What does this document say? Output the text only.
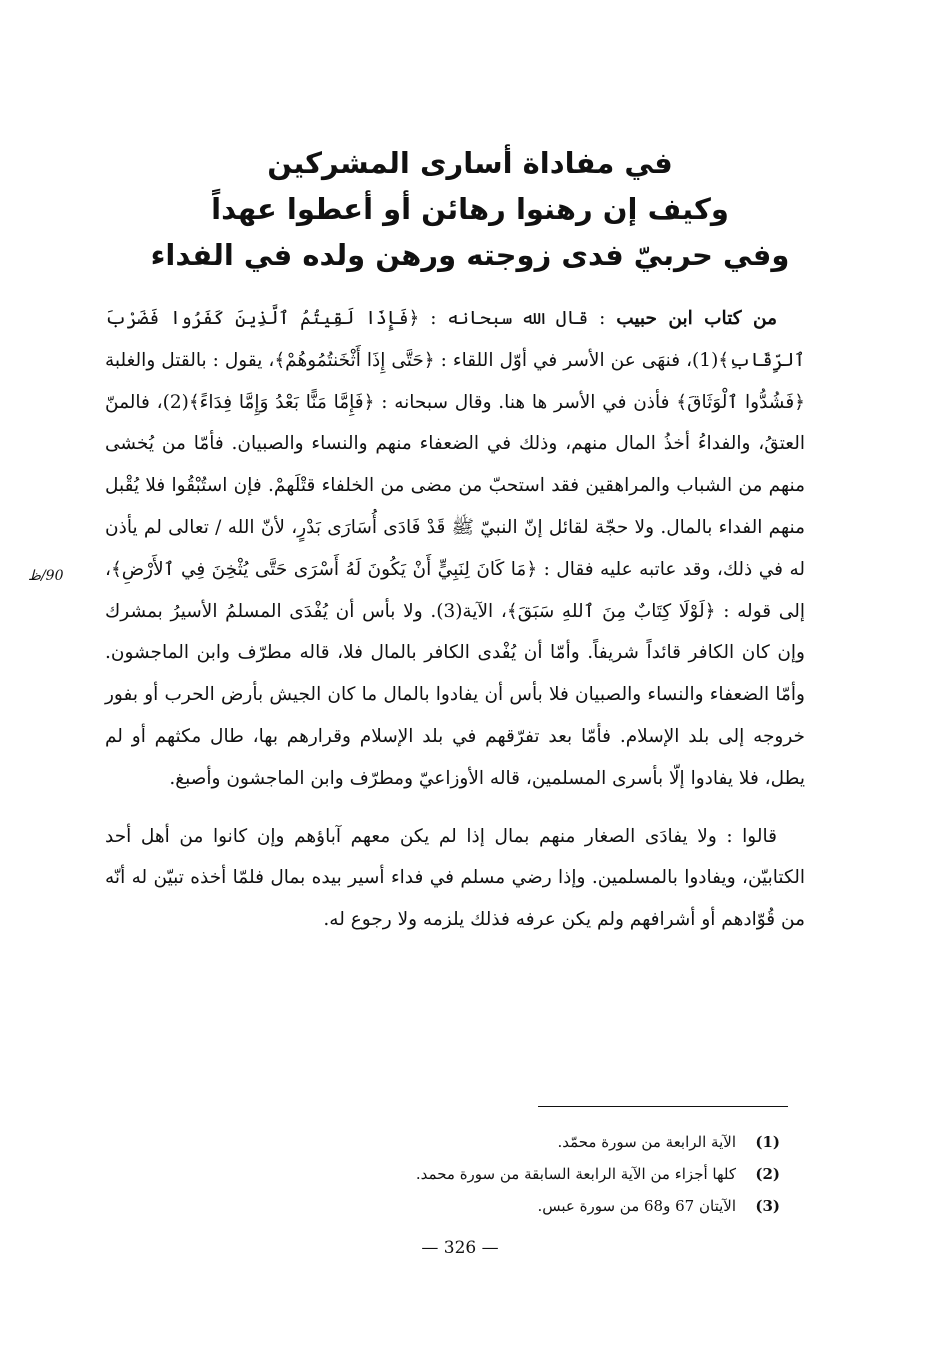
في مفاداة أسارى المشركين

وكيف إن رهنوا رهائن أو أعطوا عهداً

وفي حربيّ فدى زوجته ورهن ولده في الفداء

من كتاب ابن حبيب : قال الله سبحانه : ﴿فَإِذَا لَقِيتُمُ ٱلَّذِينَ كَفَرُوا فَضَرْبَ ٱلرِّقَابِ﴾(1)، فنهَى عن الأسر في أوّل اللقاء : ﴿حَتَّى إِذَا أَثْخَنتُمُوهُمْ﴾، يقول : بالقتل والغلبة ﴿فَشُدُّوا ٱلْوَثَاقَ﴾ فأذن في الأسر ها هنا. وقال سبحانه : ﴿فَإِمَّا مَنًّا بَعْدُ وَإِمَّا فِدَاءً﴾(2)، فالمنّ العتقُ، والفداءُ أخذُ المال منهم، وذلك في الضعفاء منهم والنساء والصبيان. فأمّا من يُخشى منهم من الشباب والمراهقين فقد استحبّ من مضى من الخلفاء قتْلَهمْ. فإن استُبْقُوا فلا يُقْبل منهم الفداء بالمال. ولا حجّة لقائل إنّ النبيّ ﷺ قَدْ فَادَى أُسَارَى بَدْرٍ، لأنّ الله / تعالى لم يأذن له في ذلك، وقد عاتبه عليه فقال : ﴿مَا كَانَ لِنَبِيٍّ أَنْ يَكُونَ لَهُ أَسْرَى حَتَّى يُثْخِنَ فِي ٱلأَرْضِ﴾، إلى قوله : ﴿لَوْلَا كِتَابٌ مِنَ ٱللهِ سَبَقَ﴾، الآية(3). ولا بأس أن يُفْدَى المسلمُ الأسيرُ بمشرك وإن كان الكافر قائداً شريفاً. وأمّا أن يُفْدى الكافر بالمال فلا، قاله مطرّف وابن الماجشون. وأمّا الضعفاء والنساء والصبيان فلا بأس أن يفادوا بالمال ما كان الجيش بأرض الحرب أو بفور خروجه إلى بلد الإسلام. فأمّا بعد تفرّقهم في بلد الإسلام وقرارهم بها، طال مكثهم أو لم يطل، فلا يفادوا إلّا بأسرى المسلمين، قاله الأوزاعيّ ومطرّف وابن الماجشون وأصبغ.

قالوا : ولا يفادَى الصغار منهم بمال إذا لم يكن معهم آباؤهم وإن كانوا من أهل أحد الكتابيّن، ويفادوا بالمسلمين. وإذا رضي مسلم في فداء أسير بيده بمال فلمّا أخذه تبيّن له أنّه من قُوّادهم أو أشرافهم ولم يكن عرفه فذلك يلزمه ولا رجوع له.

90/ظ
(1)الآية الرابعة من سورة محمّد.
(2)كلها أجزاء من الآية الرابعة السابقة من سورة محمد.
(3)الآيتان 67 و68 من سورة عبس.
— 326 —
